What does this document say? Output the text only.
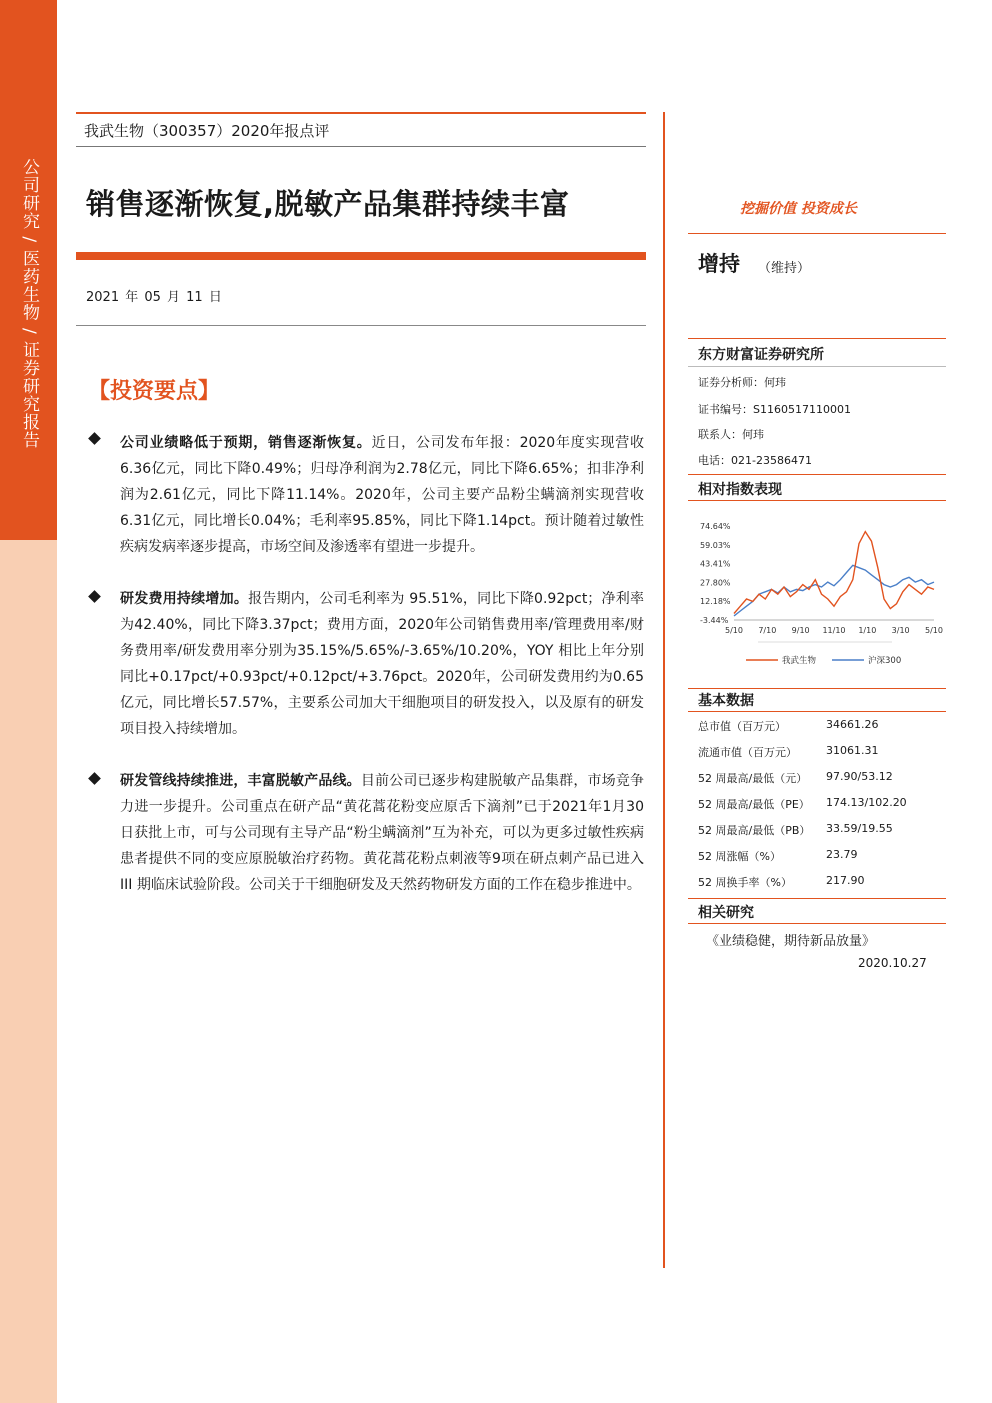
公司研究 / 医药生物 / 证券研究报告
我武生物（300357）2020年报点评
销售逐渐恢复,脱敏产品集群持续丰富
2021 年 05 月 11 日
【投资要点】
公司业绩略低于预期，销售逐渐恢复。近日，公司发布年报：2020年度实现营收6.36亿元，同比下降0.49%；归母净利润为2.78亿元，同比下降6.65%；扣非净利润为2.61亿元，同比下降11.14%。2020年，公司主要产品粉尘螨滴剂实现营收6.31亿元，同比增长0.04%；毛利率95.85%，同比下降1.14pct。预计随着过敏性疾病发病率逐步提高，市场空间及渗透率有望进一步提升。
研发费用持续增加。报告期内，公司毛利率为 95.51%，同比下降0.92pct；净利率为42.40%，同比下降3.37pct；费用方面，2020年公司销售费用率/管理费用率/财务费用率/研发费用率分别为35.15%/5.65%/-3.65%/10.20%，YOY 相比上年分别同比+0.17pct/+0.93pct/+0.12pct/+3.76pct。2020年，公司研发费用约为0.65亿元，同比增长57.57%，主要系公司加大干细胞项目的研发投入，以及原有的研发项目投入持续增加。
研发管线持续推进，丰富脱敏产品线。目前公司已逐步构建脱敏产品集群，市场竞争力进一步提升。公司重点在研产品“黄花蒿花粉变应原舌下滴剂”已于2021年1月30日获批上市，可与公司现有主导产品“粉尘螨滴剂”互为补充，可以为更多过敏性疾病患者提供不同的变应原脱敏治疗药物。黄花蒿花粉点刺液等9项在研点刺产品已进入III 期临床试验阶段。公司关于干细胞研发及天然药物研发方面的工作在稳步推进中。
挖掘价值 投资成长
增持 （维持）
东方财富证券研究所
证券分析师：何玮
证书编号：S1160517110001
联系人：何玮
电话：021-23586471
相对指数表现
74.64%
59.03%
43.41%
27.80%
12.18%
-3.44%
5/10 7/10 9/10 11/10 1/10 3/10 5/10
我武生物	沪深300
基本数据
总市值（百万元）	34661.26
流通市值（百万元）	31061.31
52 周最高/最低（元） 97.90/53.12
52 周最高/最低（PE） 174.13/102.20
52 周最高/最低（PB） 33.59/19.55
52 周涨幅（%）	23.79
52 周换手率（%）	217.90
相关研究
《业绩稳健，期待新品放量》
2020.10.27
